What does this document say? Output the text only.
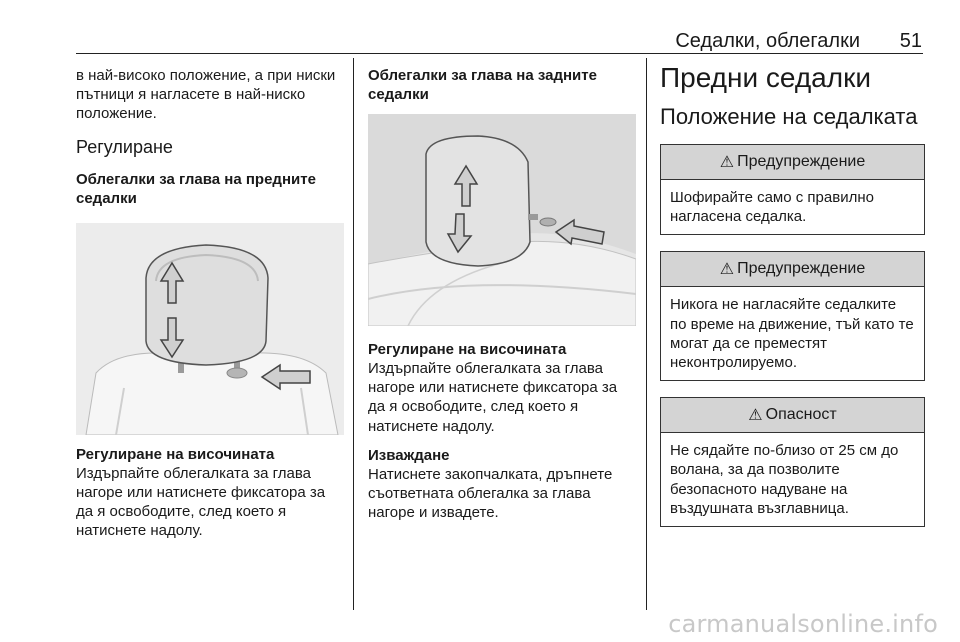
Седалки, облегалки 51

в най-високо положение, а при ниски пътници я нагласете в най-ниско положение.

Регулиране
Облегалки за глава на предните седалки
Регулиране на височината

Издърпайте облегалката за глава нагоре или натиснете фиксатора за да я освободите, след което я натиснете надолу.

Облегалки за глава на задните седалки
Регулиране на височината

Издърпайте облегалката за глава нагоре или натиснете фиксатора за да я освободите, след което я натиснете надолу.

Изваждане

Натиснете закопчалката, дръпнете съответната облегалка за глава нагоре и извадете.

Предни седалки
Положение на седалката
⚠ Предупреждение
Шофирайте само с правилно нагласена седалка.
⚠ Предупреждение
Никога не нагласяйте седалките по време на движение, тъй като те могат да се преместят неконтролируемо.
⚠ Опасност
Не сядайте по-близо от 25 см до волана, за да позволите безопасното надуване на въздушната възглавница.
carmanualsonline.info
